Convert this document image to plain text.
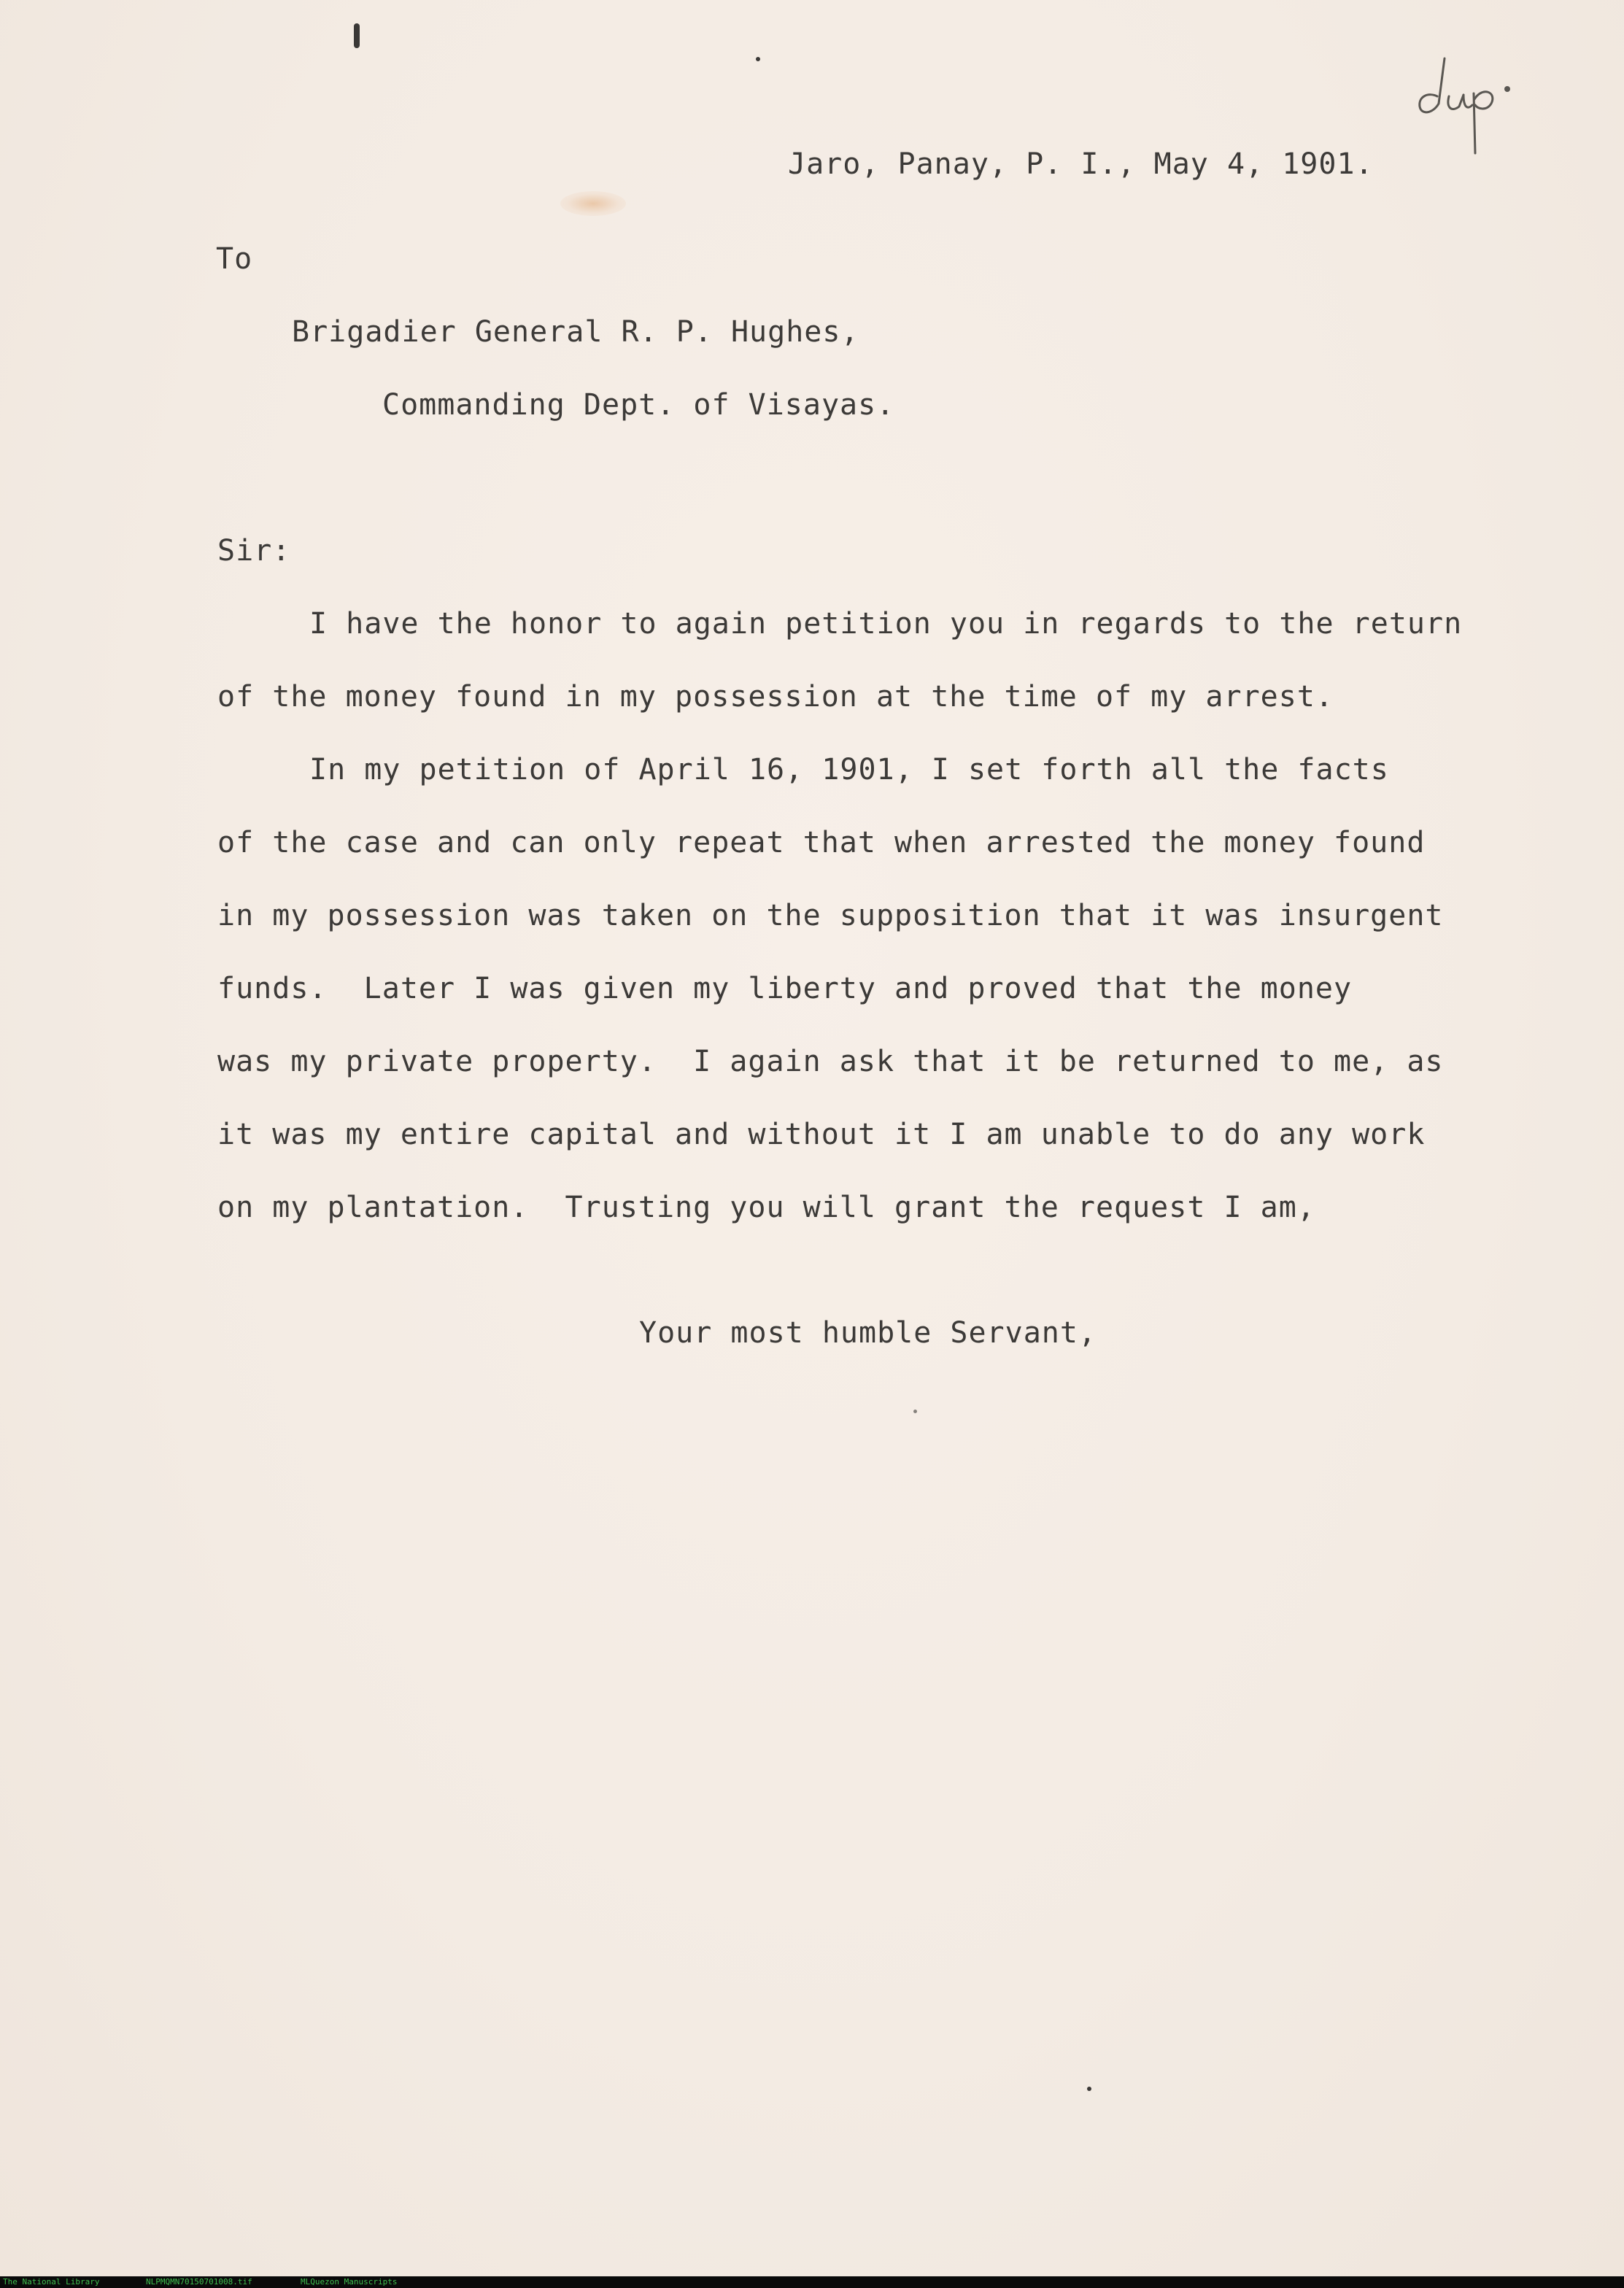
Jaro, Panay, P. I., May 4, 1901.
To
Brigadier General R. P. Hughes,
Commanding Dept. of Visayas.
Sir:
I have the honor to again petition you in regards to the return
of the money found in my possession at the time of my arrest.
In my petition of April 16, 1901, I set forth all the facts
of the case and can only repeat that when arrested the money found
in my possession was taken on the supposition that it was insurgent
funds.  Later I was given my liberty and proved that the money
was my private property.  I again ask that it be returned to me, as
it was my entire capital and without it I am unable to do any work
on my plantation.  Trusting you will grant the request I am,
Your most humble Servant,
The National Library	NLPMQMN70150701008.tif	MLQuezon Manuscripts
